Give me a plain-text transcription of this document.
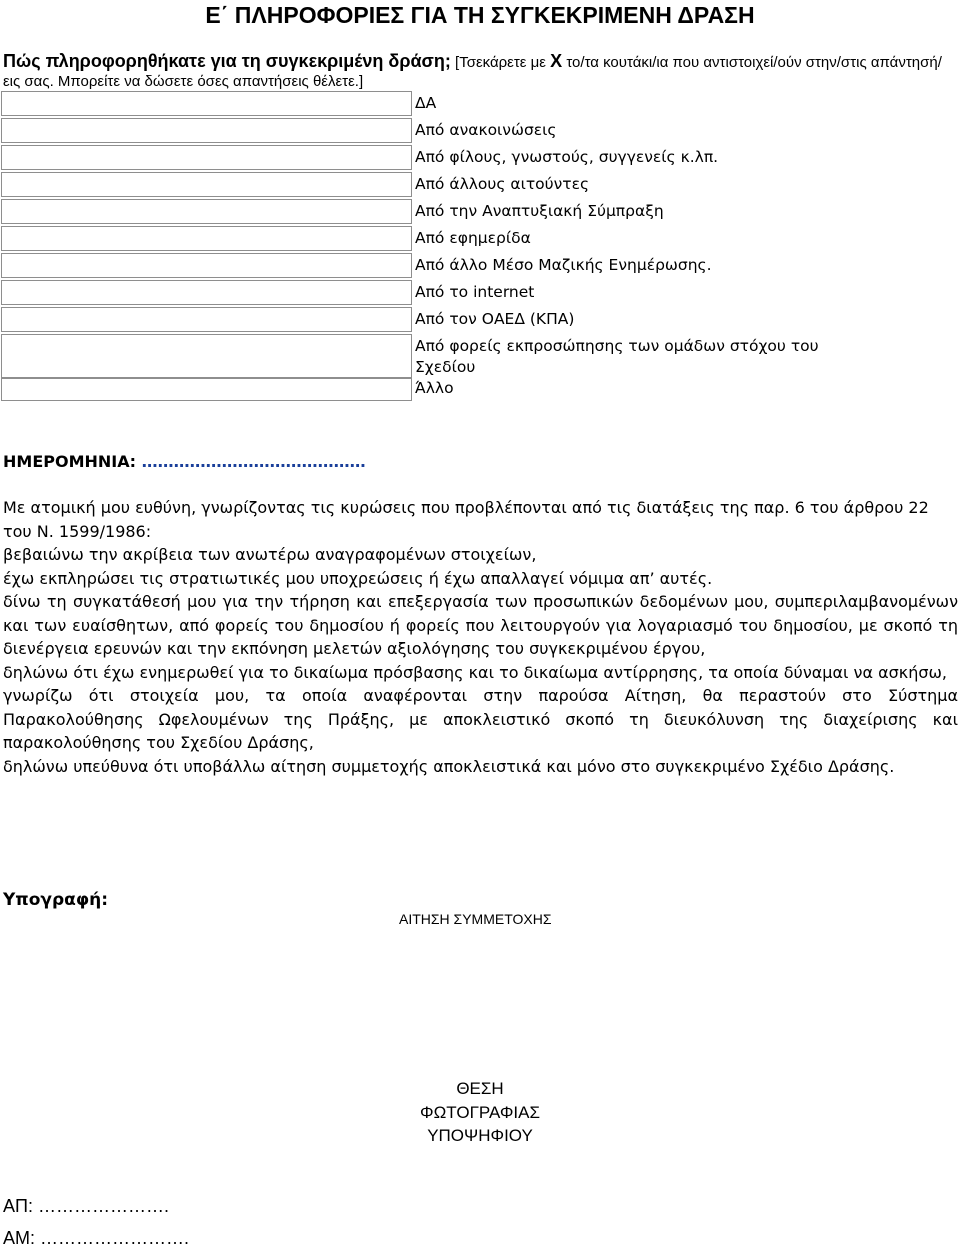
Ε΄ ΠΛΗΡΟΦΟΡΙΕΣ ΓΙΑ ΤΗ ΣΥΓΚΕΚΡΙΜΕΝΗ ΔΡΑΣΗ
Πώς πληροφορηθήκατε για τη συγκεκριμένη δράση; [Τσεκάρετε με X το/τα κουτάκι/ια που αντιστοιχεί/ούν στην/στις απάντησή/εις σας. Μπορείτε να δώσετε όσες απαντήσεις θέλετε.]
ΔΑ
Από ανακοινώσεις
Από φίλους, γνωστούς, συγγενείς κ.λπ.
Από άλλους αιτούντες
Από την Αναπτυξιακή Σύμπραξη
Από εφημερίδα
Από άλλο Μέσο Μαζικής Ενημέρωσης.
Από το internet
Από τον ΟΑΕΔ (ΚΠΑ)
Από φορείς εκπροσώπησης των ομάδων στόχου του Σχεδίου
Άλλο
ΗΜΕΡΟΜΗΝΙΑ: ……………………………………

Με ατομική μου ευθύνη, γνωρίζοντας τις κυρώσεις που προβλέπονται από τις διατάξεις της παρ. 6 του άρθρου 22 του Ν. 1599/1986:

βεβαιώνω την ακρίβεια των ανωτέρω αναγραφομένων στοιχείων,

έχω εκπληρώσει τις στρατιωτικές μου υποχρεώσεις ή έχω απαλλαγεί νόμιμα απ’ αυτές.

δίνω τη συγκατάθεσή μου για την τήρηση και επεξεργασία των προσωπικών δεδομένων μου, συμπεριλαμβανομένων και των ευαίσθητων, από φορείς του δημοσίου ή φορείς που λειτουργούν για λογαριασμό του δημοσίου, με σκοπό τη διενέργεια ερευνών και την εκπόνηση μελετών αξιολόγησης του συγκεκριμένου έργου,

δηλώνω ότι έχω ενημερωθεί για το δικαίωμα πρόσβασης και το δικαίωμα αντίρρησης, τα οποία δύναμαι να ασκήσω,

γνωρίζω ότι στοιχεία μου, τα οποία αναφέρονται στην παρούσα Αίτηση, θα περαστούν στο Σύστημα Παρακολούθησης Ωφελουμένων της Πράξης, με αποκλειστικό σκοπό τη διευκόλυνση της διαχείρισης και παρακολούθησης του Σχεδίου Δράσης,

δηλώνω υπεύθυνα ότι υποβάλλω αίτηση συμμετοχής αποκλειστικά και μόνο στο συγκεκριμένο Σχέδιο Δράσης.

Υπογραφή:
ΑΙΤΗΣΗ ΣΥΜΜΕΤΟΧΗΣ
ΘΕΣΗ
ΦΩΤΟΓΡΑΦΙΑΣ
ΥΠΟΨΗΦΙΟΥ
ΑΠ: ………………….
ΑΜ: …………………….
